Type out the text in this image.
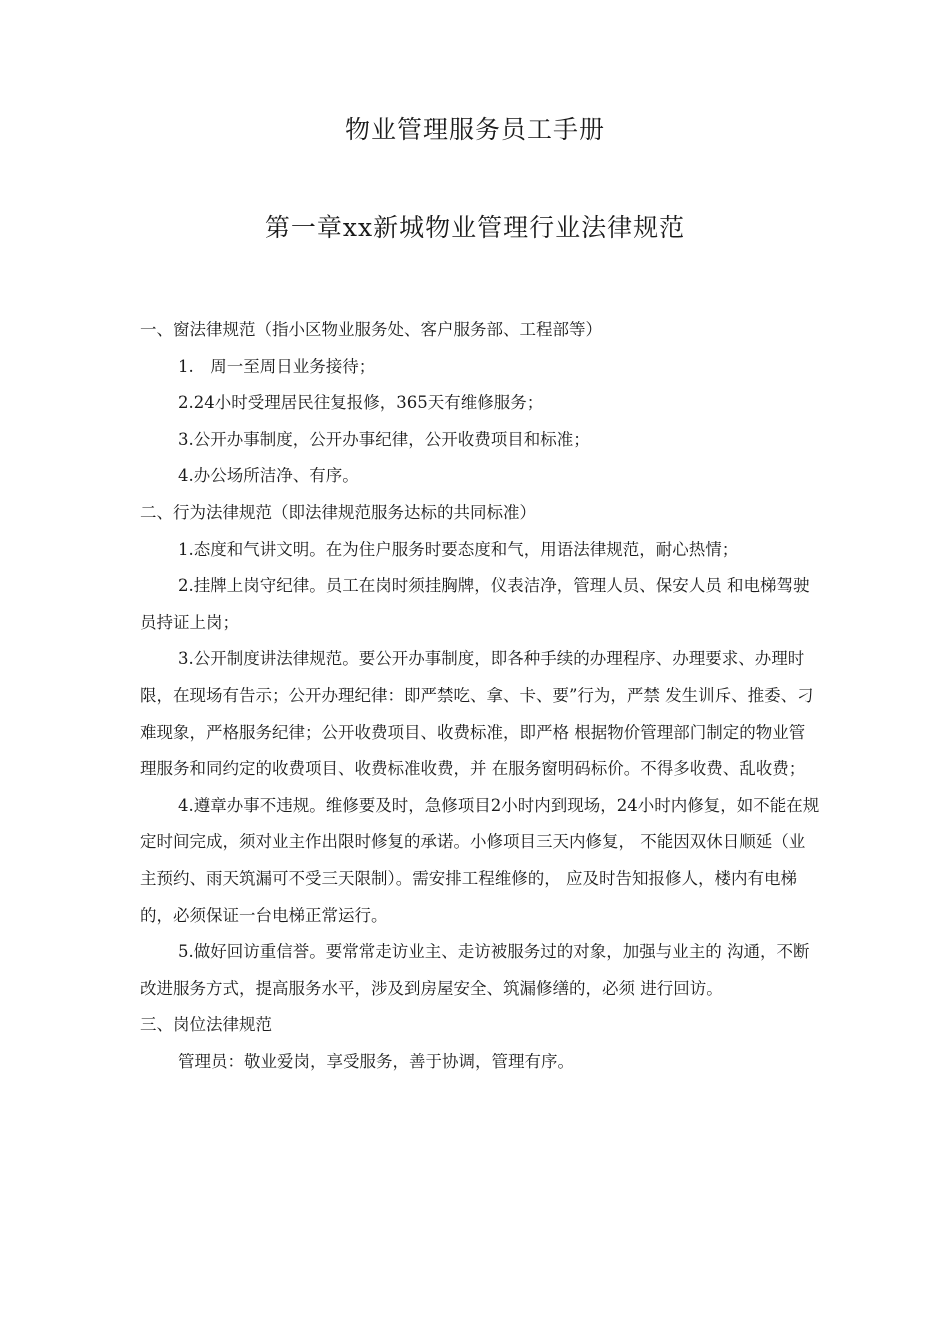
物业管理服务员工手册
第一章xx新城物业管理行业法律规范

一、窗法律规范（指小区物业服务处、客户服务部、工程部等）

1.　周一至周日业务接待；

2.24小时受理居民往复报修，365天有维修服务；

3.公开办事制度，公开办事纪律，公开收费项目和标准；

4.办公场所洁净、有序。

二、行为法律规范（即法律规范服务达标的共同标准）

1.态度和气讲文明。在为住户服务时要态度和气，用语法律规范，耐心热情；

2.挂牌上岗守纪律。员工在岗时须挂胸牌，仪表洁净，管理人员、保安人员 和电梯驾驶员持证上岗；

3.公开制度讲法律规范。要公开办事制度，即各种手续的办理程序、办理要求、办理时限，在现场有告示；公开办理纪律：即严禁吃、拿、卡、要”行为，严禁 发生训斥、推委、刁难现象，严格服务纪律；公开收费项目、收费标准，即严格 根据物价管理部门制定的物业管理服务和同约定的收费项目、收费标准收费，并 在服务窗明码标价。不得多收费、乱收费；

4.遵章办事不违规。维修要及时，急修项目2小时内到现场，24小时内修复，如不能在规定时间完成，须对业主作出限时修复的承诺。小修项目三天内修复， 不能因双休日顺延（业主预约、雨天筑漏可不受三天限制）。需安排工程维修的， 应及时告知报修人，楼内有电梯的，必须保证一台电梯正常运行。

5.做好回访重信誉。要常常走访业主、走访被服务过的对象，加强与业主的 沟通，不断改进服务方式，提高服务水平，涉及到房屋安全、筑漏修缮的，必须 进行回访。

三、岗位法律规范

管理员：敬业爱岗，享受服务，善于协调，管理有序。
